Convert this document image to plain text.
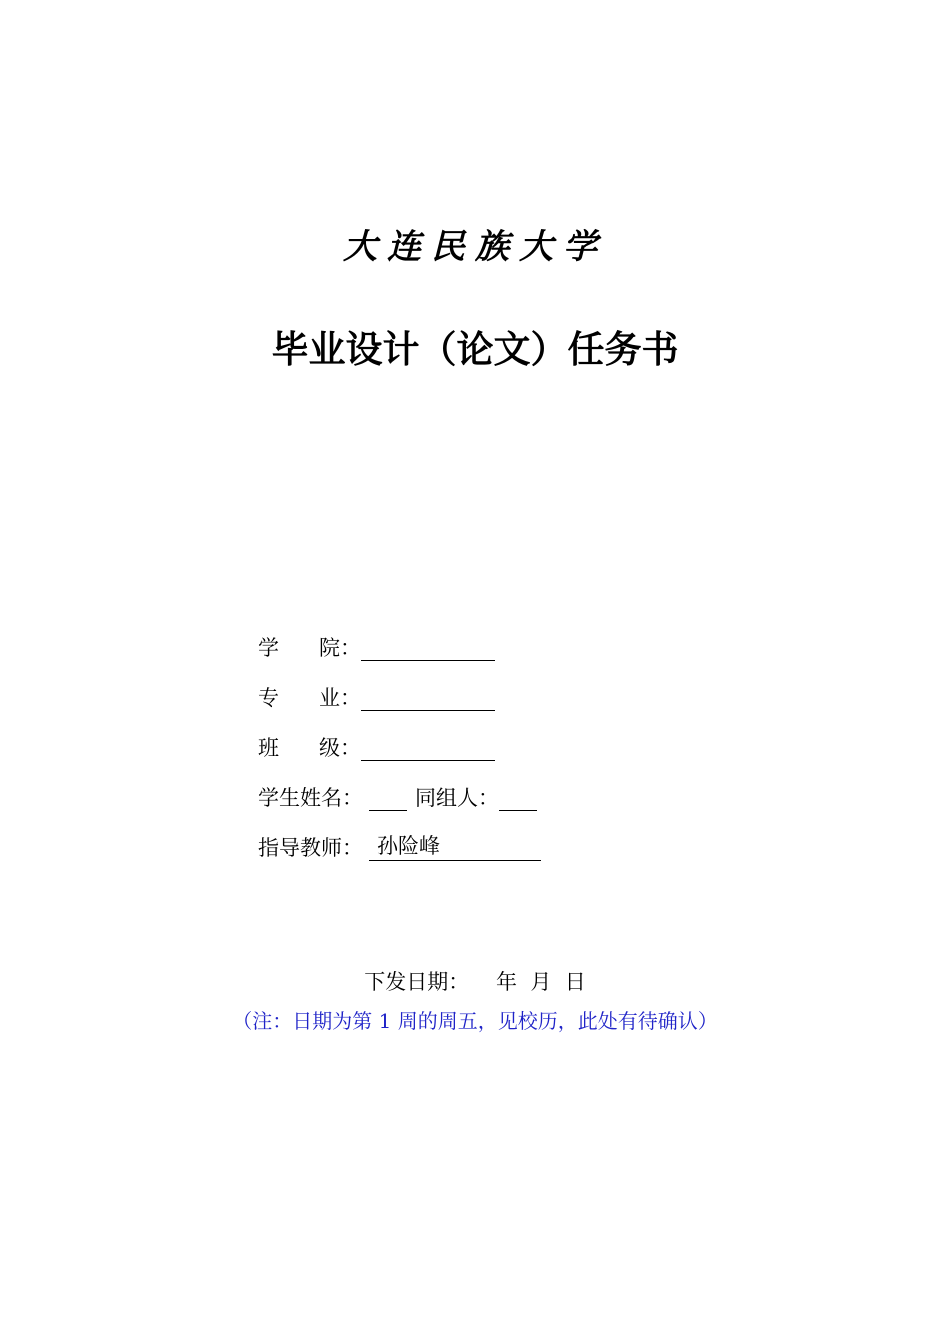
大连民族大学
毕业设计（论文）任务书
学 院 ：
专 业 ：
班 级 ：
学生姓名： 同组人：
指导教师： 孙险峰
下发日期： 年 月 日
（注：日期为第 1 周的周五，见校历，此处有待确认）
